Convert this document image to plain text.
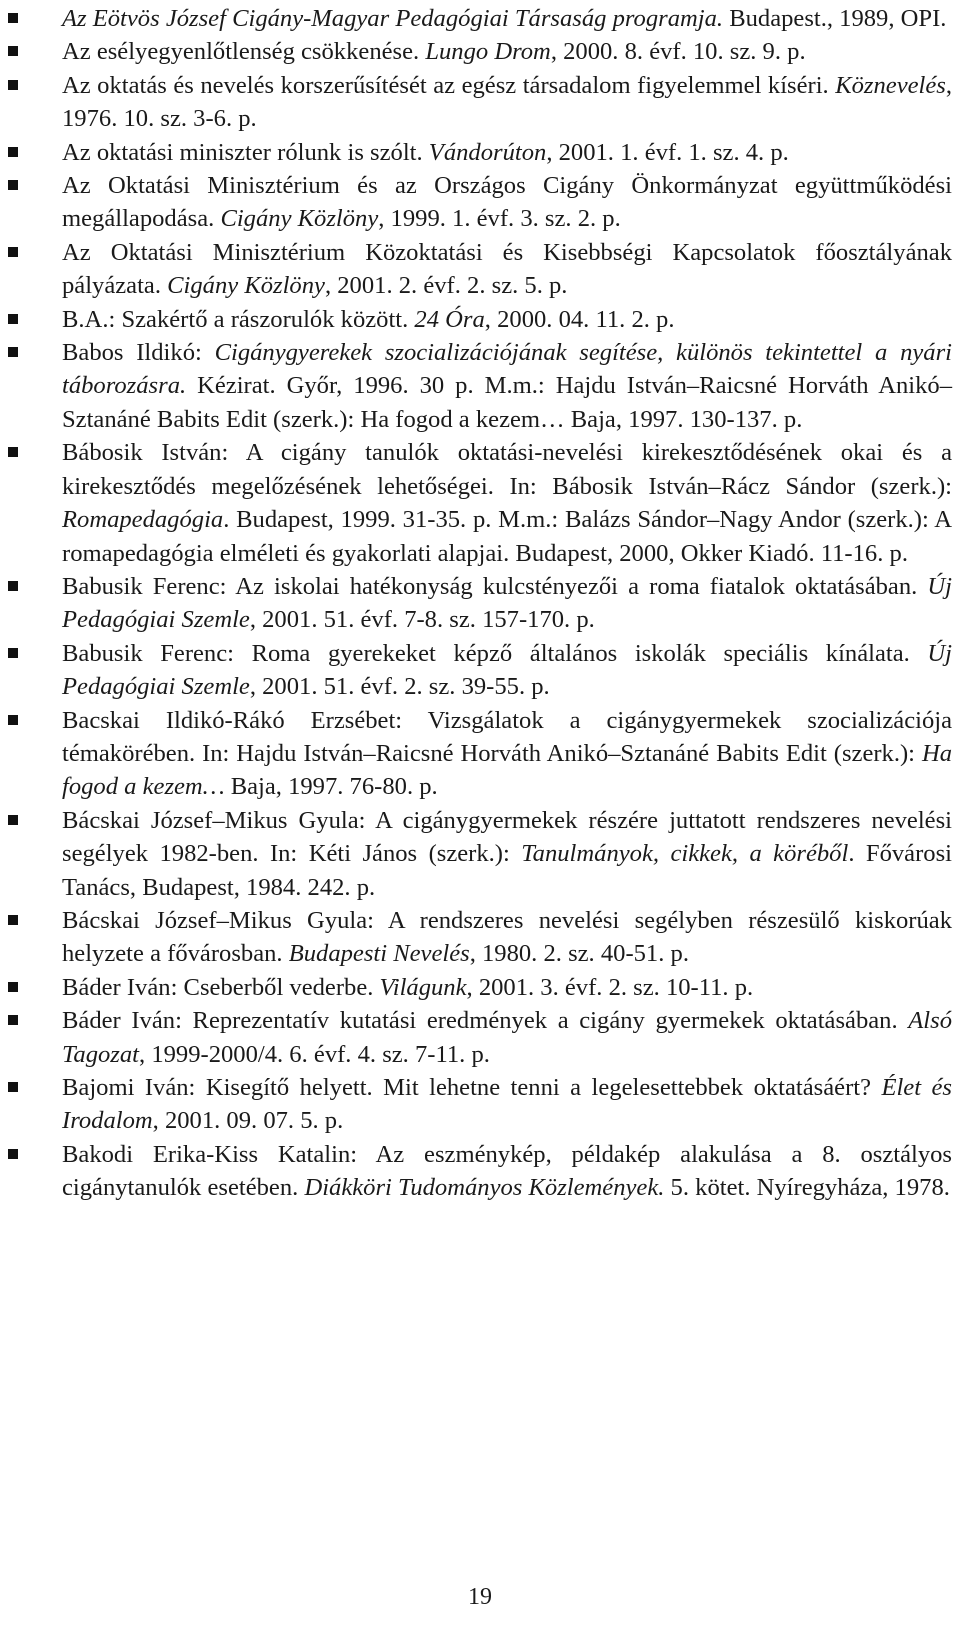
Az Eötvös József Cigány-Magyar Pedagógiai Társaság programja. Budapest., 1989, OPI.
Az esélyegyenlőtlenség csökkenése. Lungo Drom, 2000. 8. évf. 10. sz. 9. p.
Az oktatás és nevelés korszerűsítését az egész társadalom figyelemmel kíséri. Köznevelés, 1976. 10. sz. 3-6. p.
Az oktatási miniszter rólunk is szólt. Vándorúton, 2001. 1. évf. 1. sz. 4. p.
Az Oktatási Minisztérium és az Országos Cigány Önkormányzat együttműködési megállapodása. Cigány Közlöny, 1999. 1. évf. 3. sz. 2. p.
Az Oktatási Minisztérium Közoktatási és Kisebbségi Kapcsolatok főosztályának pályázata. Cigány Közlöny, 2001. 2. évf. 2. sz. 5. p.
B.A.: Szakértő a rászorulók között. 24 Óra, 2000. 04. 11. 2. p.
Babos Ildikó: Cigánygyerekek szocializációjának segítése, különös tekintettel a nyári táborozásra. Kézirat. Győr, 1996. 30 p. M.m.: Hajdu István–Raicsné Horváth Anikó–Sztanáné Babits Edit (szerk.): Ha fogod a kezem… Baja, 1997. 130-137. p.
Bábosik István: A cigány tanulók oktatási-nevelési kirekesztődésének okai és a kirekesztődés megelőzésének lehetőségei. In: Bábosik István–Rácz Sándor (szerk.): Romapedagógia. Budapest, 1999. 31-35. p. M.m.: Balázs Sándor–Nagy Andor (szerk.): A romapedagógia elméleti és gyakorlati alapjai. Budapest, 2000, Okker Kiadó. 11-16. p.
Babusik Ferenc: Az iskolai hatékonyság kulcstényezői a roma fiatalok oktatásában. Új Pedagógiai Szemle, 2001. 51. évf. 7-8. sz. 157-170. p.
Babusik Ferenc: Roma gyerekeket képző általános iskolák speciális kínálata. Új Pedagógiai Szemle, 2001. 51. évf. 2. sz. 39-55. p.
Bacskai Ildikó-Rákó Erzsébet: Vizsgálatok a cigánygyermekek szocializációja témakörében. In: Hajdu István–Raicsné Horváth Anikó–Sztanáné Babits Edit (szerk.): Ha fogod a kezem… Baja, 1997. 76-80. p.
Bácskai József–Mikus Gyula: A cigánygyermekek részére juttatott rendszeres nevelési segélyek 1982-ben. In: Kéti János (szerk.): Tanulmányok, cikkek, a köréből. Fővárosi Tanács, Budapest, 1984. 242. p.
Bácskai József–Mikus Gyula: A rendszeres nevelési segélyben részesülő kiskorúak helyzete a fővárosban. Budapesti Nevelés, 1980. 2. sz. 40-51. p.
Báder Iván: Cseberből vederbe. Világunk, 2001. 3. évf. 2. sz. 10-11. p.
Báder Iván: Reprezentatív kutatási eredmények a cigány gyermekek oktatásában. Alsó Tagozat, 1999-2000/4. 6. évf. 4. sz. 7-11. p.
Bajomi Iván: Kisegítő helyett. Mit lehetne tenni a legelesettebbek oktatásáért? Élet és Irodalom, 2001. 09. 07. 5. p.
Bakodi Erika-Kiss Katalin: Az eszménykép, példakép alakulása a 8. osztályos cigánytanulók esetében. Diákköri Tudományos Közlemények. 5. kötet. Nyíregyháza, 1978.
19
